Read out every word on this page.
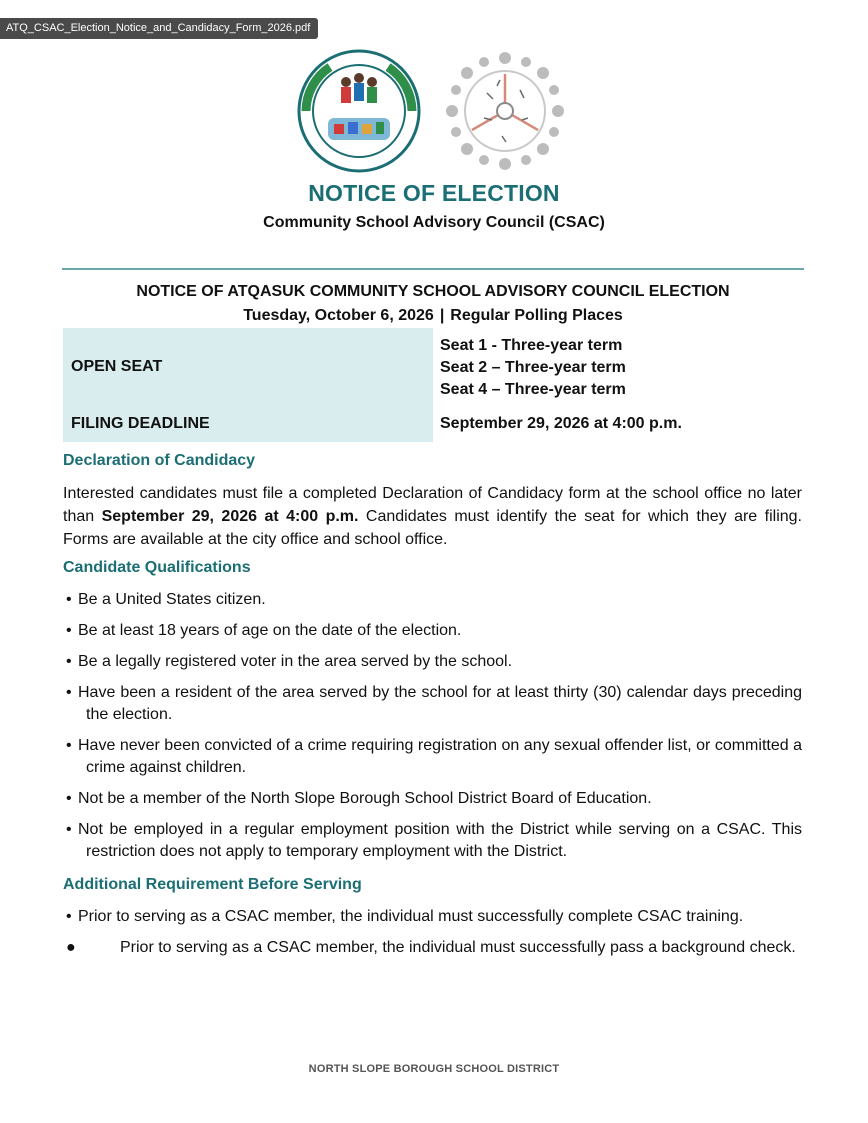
ATQ_CSAC_Election_Notice_and_Candidacy_Form_2026.pdf
NOTICE OF ELECTION
Community School Advisory Council (CSAC)
NOTICE OF ATQASUK COMMUNITY SCHOOL ADVISORY COUNCIL ELECTION
Tuesday, October 6, 2026 | Regular Polling Places
OPEN SEAT
Seat 1 - Three-year term
Seat 2 – Three-year term
Seat 4 – Three-year term
FILING DEADLINE	September 29, 2026 at 4:00 p.m.
Declaration of Candidacy
Interested candidates must file a completed Declaration of Candidacy form at the school office no later than September 29, 2026 at 4:00 p.m. Candidates must identify the seat for which they are filing. Forms are available at the city office and school office.
Candidate Qualifications
• Be a United States citizen.
• Be at least 18 years of age on the date of the election.
• Be a legally registered voter in the area served by the school.
• Have been a resident of the area served by the school for at least thirty (30) calendar days preceding the election.
• Have never been convicted of a crime requiring registration on any sexual offender list, or committed a crime against children.
• Not be a member of the North Slope Borough School District Board of Education.
• Not be employed in a regular employment position with the District while serving on a CSAC. This restriction does not apply to temporary employment with the District.
Additional Requirement Before Serving
• Prior to serving as a CSAC member, the individual must successfully complete CSAC training.
●	Prior to serving as a CSAC member, the individual must successfully pass a background check.
NORTH SLOPE BOROUGH SCHOOL DISTRICT
